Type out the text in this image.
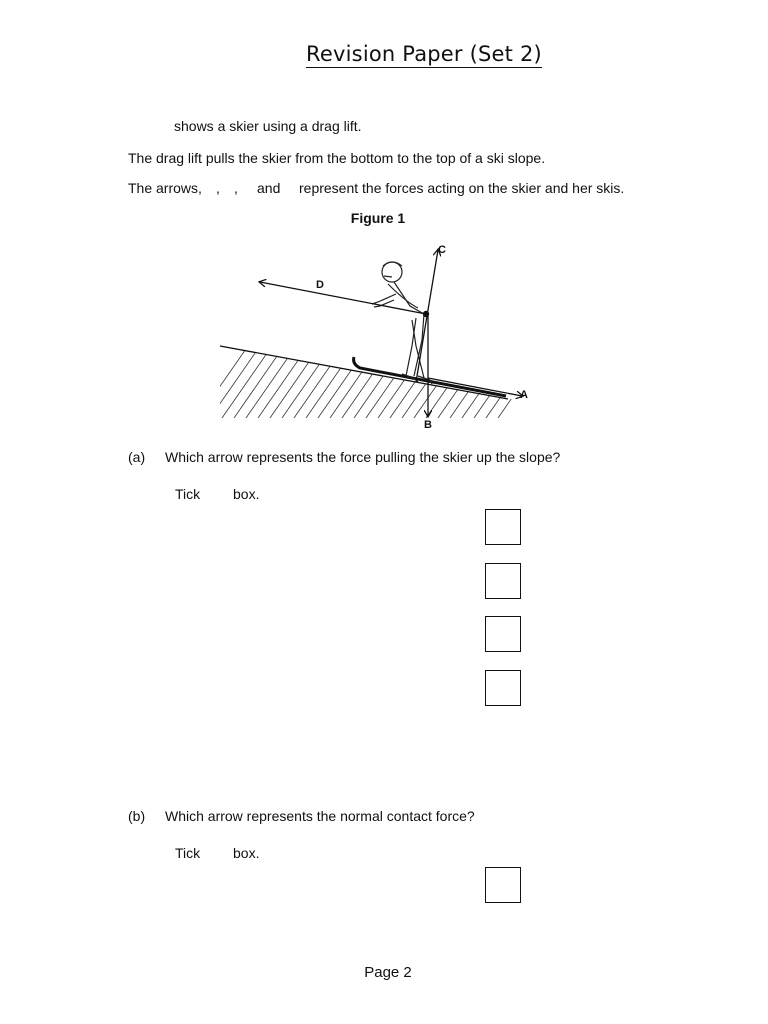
Revision Paper (Set 2)
shows a skier using a drag lift.
The drag lift pulls the skier from the bottom to the top of a ski slope.
The arrows, , , and represent the forces acting on the skier and her skis.
Figure 1
C
D
B
A
(a) Which arrow represents the force pulling the skier up the slope?
Tick box.
(b) Which arrow represents the normal contact force?
Tick box.
Page 2
